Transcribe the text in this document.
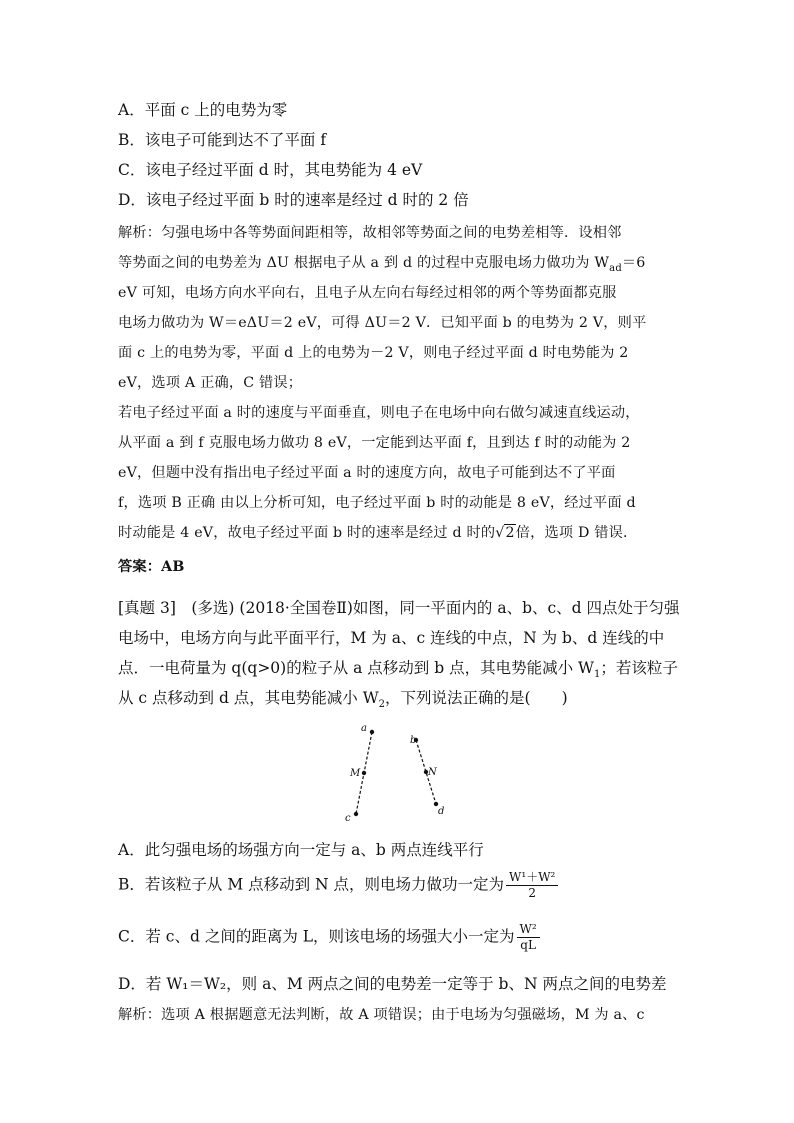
A．平面 c 上的电势为零
B．该电子可能到达不了平面 f
C．该电子经过平面 d 时，其电势能为 4 eV
D．该电子经过平面 b 时的速率是经过 d 时的 2 倍
解析：匀强电场中各等势面间距相等，故相邻等势面之间的电势差相等．设相邻
等势面之间的电势差为 ΔU 根据电子从 a 到 d 的过程中克服电场力做功为 $W_{ad}=6$
eV 可知，电场方向水平向右，且电子从左向右每经过相邻的两个等势面都克服
电场力做功为 W＝eΔU＝2 eV，可得 ΔU＝2 V．已知平面 b 的电势为 2 V，则平
面 c 上的电势为零，平面 d 上的电势为－2 V，则电子经过平面 d 时电势能为 2
eV，选项 A 正确，C 错误；
若电子经过平面 a 时的速度与平面垂直，则电子在电场中向右做匀减速直线运动，
从平面 a 到 f 克服电场力做功 8 eV，一定能到达平面 f，且到达 f 时的动能为 2
eV，但题中没有指出电子经过平面 a 时的速度方向，故电子可能到达不了平面
f，选项 B 正确 由以上分析可知，电子经过平面 b 时的动能是 8 eV，经过平面 d
时动能是 4 eV，故电子经过平面 b 时的速率是经过 d 时的√2倍，选项 D 错误．
答案：AB
[真题 3]　(多选) (2018·全国卷Ⅱ)如图，同一平面内的 a、b、c、d 四点处于匀强
电场中，电场方向与此平面平行，M 为 a、c 连线的中点，N 为 b、d 连线的中
点．一电荷量为 q(q>0)的粒子从 a 点移动到 b 点，其电势能减小 $W_1$；若该粒子
从 c 点移动到 d 点，其电势能减小 $W_2$，下列说法正确的是(　　)
a
b
M	N
c
d
A．此匀强电场的场强方向一定与 a、b 两点连线平行
B．若该粒子从 M 点移动到 N 点，则电场力做功一定为 $\frac{\text{W¹＋W²}}{2}$
C．若 c、d 之间的距离为 L，则该电场的场强大小一定为 $\frac{\text{W²}}{qL}$
D．若 W₁＝W₂，则 a、M 两点之间的电势差一定等于 b、N 两点之间的电势差
解析：选项 A 根据题意无法判断，故 A 项错误；由于电场为匀强磁场，M 为 a、c
